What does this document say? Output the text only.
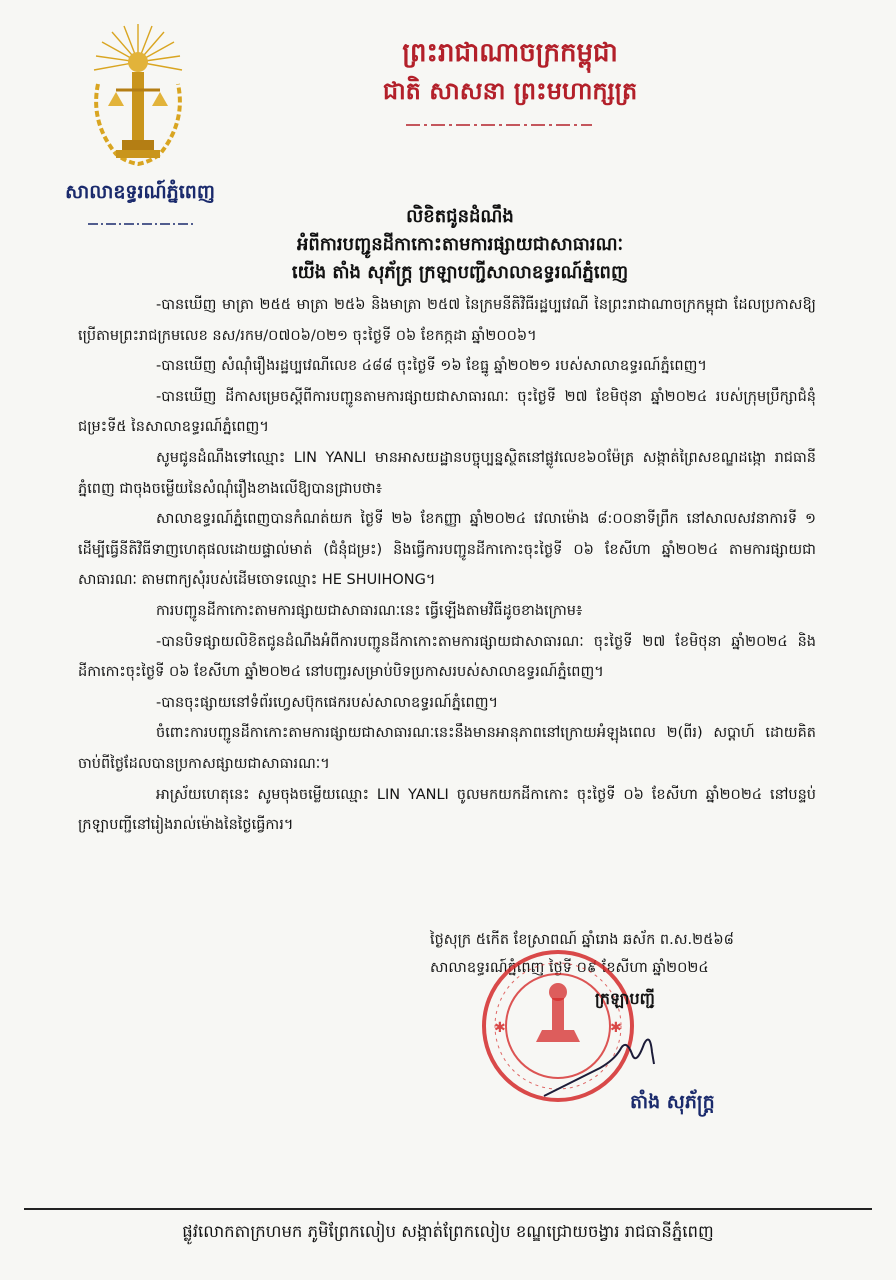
សាលាឧទ្ធរណ៍ភ្នំពេញ
ព្រះរាជាណាចក្រកម្ពុជា
ជាតិ សាសនា ព្រះមហាក្សត្រ
លិខិតជូនដំណឹង
អំពីការបញ្ជូនដីកាកោះតាមការផ្សាយជាសាធារណៈ
យើង តាំង សុភ័ក្ត្រ ក្រឡាបញ្ជីសាលាឧទ្ធរណ៍ភ្នំពេញ

-បានឃើញ មាត្រា ២៥៥ មាត្រា ២៥៦ និងមាត្រា ២៥៧ នៃក្រមនីតិវិធីរដ្ឋប្បវេណី នៃព្រះរាជាណាចក្រកម្ពុជា ដែលប្រកាសឱ្យប្រើតាមព្រះរាជក្រមលេខ នស/រកម/០៧០៦/០២១ ចុះថ្ងៃទី ០៦ ខែកក្កដា ឆ្នាំ២០០៦។

-បានឃើញ សំណុំរឿងរដ្ឋប្បវេណីលេខ ៤៨៨ ចុះថ្ងៃទី ១៦ ខែធ្នូ ឆ្នាំ២០២១ របស់សាលាឧទ្ធរណ៍ភ្នំពេញ។

-បានឃើញ ដីកាសម្រេចស្តីពីការបញ្ជូនតាមការផ្សាយជាសាធារណៈ ចុះថ្ងៃទី ២៧ ខែមិថុនា ឆ្នាំ២០២៤ របស់ក្រុមប្រឹក្សាជំនុំជម្រះទី៥ នៃសាលាឧទ្ធរណ៍ភ្នំពេញ។

សូមជូនដំណឹងទៅឈ្មោះ LIN YANLI មានអាសយដ្ឋានបច្ចុប្បន្នស្ថិតនៅផ្លូវលេខ៦០ម៉ែត្រ សង្កាត់ព្រៃសខណ្ឌដង្កោ រាជធានីភ្នំពេញ ជាចុងចម្លើយនៃសំណុំរឿងខាងលើឱ្យបានជ្រាបថា៖

សាលាឧទ្ធរណ៍ភ្នំពេញបានកំណត់យក ថ្ងៃទី ២៦ ខែកញ្ញា ឆ្នាំ២០២៤ វេលាម៉ោង ៨:០០នាទីព្រឹក នៅសាលសវនាការទី ១ ដើម្បីធ្វើនីតិវិធីទាញហេតុផលដោយផ្ទាល់មាត់ (ជំនុំជម្រះ) និងធ្វើការបញ្ជូនដីកាកោះចុះថ្ងៃទី ០៦ ខែសីហា ឆ្នាំ២០២៤ តាមការផ្សាយជាសាធារណៈ តាមពាក្យសុំរបស់ដើមចោទឈ្មោះ HE SHUIHONG។

ការបញ្ជូនដីកាកោះតាមការផ្សាយជាសាធារណៈនេះ ធ្វើឡើងតាមវិធីដូចខាងក្រោម៖

-បានបិទផ្សាយលិខិតជូនដំណឹងអំពីការបញ្ជូនដីកាកោះតាមការផ្សាយជាសាធារណៈ ចុះថ្ងៃទី ២៧ ខែមិថុនា ឆ្នាំ២០២៤ និងដីកាកោះចុះថ្ងៃទី ០៦ ខែសីហា ឆ្នាំ២០២៤ នៅបញ្ជរសម្រាប់បិទប្រកាសរបស់សាលាឧទ្ធរណ៍ភ្នំពេញ។

-បានចុះផ្សាយនៅទំព័រហ្វេសប៊ុកផេករបស់សាលាឧទ្ធរណ៍ភ្នំពេញ។

ចំពោះការបញ្ជូនដីកាកោះតាមការផ្សាយជាសាធារណៈនេះនឹងមានអានុភាពនៅក្រោយអំឡុងពេល ២(ពីរ) សប្តាហ៍ ដោយគិតចាប់ពីថ្ងៃដែលបានប្រកាសផ្សាយជាសាធារណៈ។

អាស្រ័យហេតុនេះ សូមចុងចម្លើយឈ្មោះ LIN YANLI ចូលមកយកដីកាកោះ ចុះថ្ងៃទី ០៦ ខែសីហា ឆ្នាំ២០២៤ នៅបន្ទប់ក្រឡាបញ្ជីនៅរៀងរាល់ម៉ោងនៃថ្ងៃធ្វើការ។

ថ្ងៃសុក្រ ៥កើត ខែស្រាពណ៍ ឆ្នាំរោង ឆស័ក ព.ស.២៥៦៨
សាលាឧទ្ធរណ៍ភ្នំពេញ ថ្ងៃទី ០៩ ខែសីហា ឆ្នាំ២០២៤
✱	✱
ក្រឡាបញ្ជី
តាំង សុភ័ក្ត្រ
ផ្លូវលោកតាក្រហមក ភូមិព្រែកលៀប សង្កាត់ព្រែកលៀប ខណ្ឌជ្រោយចង្វារ រាជធានីភ្នំពេញ
